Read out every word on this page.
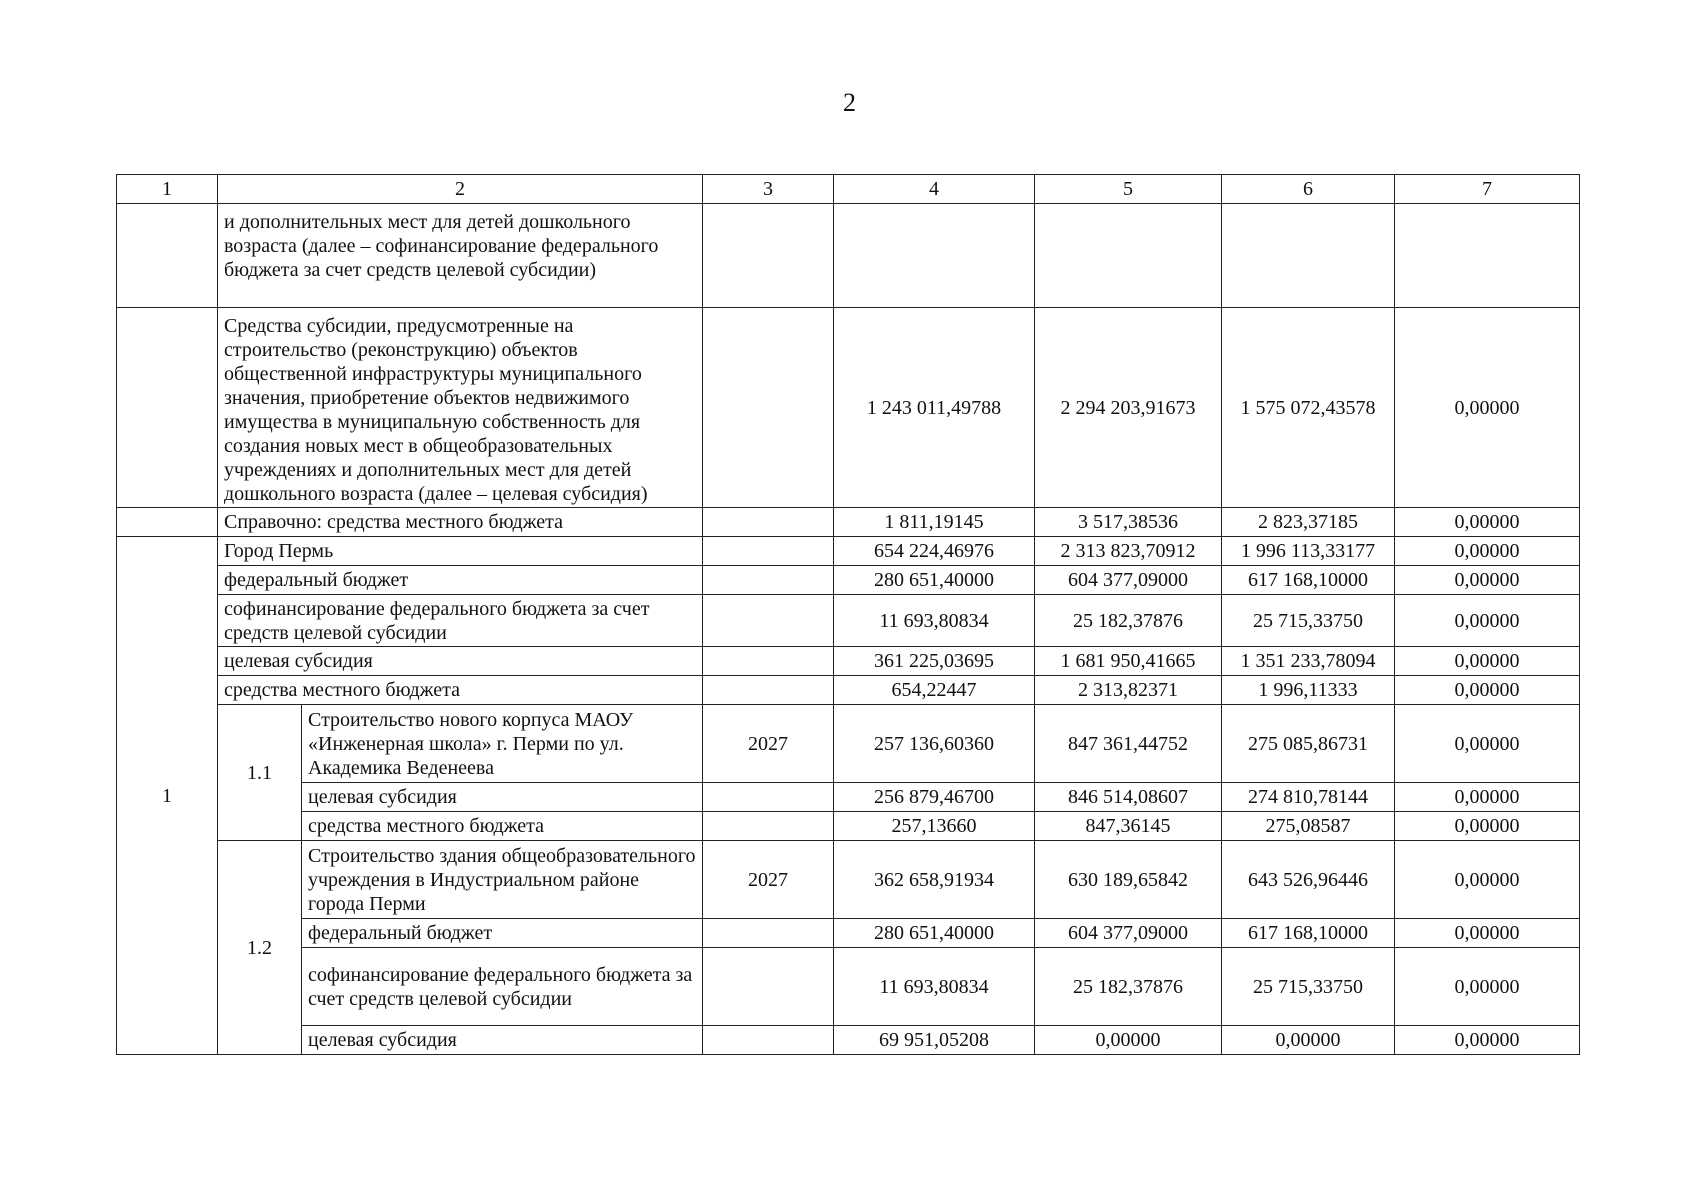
2
1	2		3	4	5	6	7
	и дополнительных мест для детей дошкольного возраста (далее – софинансирование федерального бюджета за счет средств целевой субсидии)						
	Средства субсидии, предусмотренные на строительство (реконструкцию) объектов общественной инфраструктуры муниципального значения, приобретение объектов недвижимого имущества в муниципальную собственность для создания новых мест в общеобразовательных учреждениях и дополнительных мест для детей дошкольного возраста (далее – целевая субсидия)			1 243 011,49788	2 294 203,91673	1 575 072,43578	0,00000
	Справочно: средства местного бюджета			1 811,19145	3 517,38536	2 823,37185	0,00000
1	Город Пермь			654 224,46976	2 313 823,70912	1 996 113,33177	0,00000
	федеральный бюджет			280 651,40000	604 377,09000	617 168,10000	0,00000
	софинансирование федерального бюджета за счет средств целевой субсидии			11 693,80834	25 182,37876	25 715,33750	0,00000
	целевая субсидия			361 225,03695	1 681 950,41665	1 351 233,78094	0,00000
	средства местного бюджета			654,22447	2 313,82371	1 996,11333	0,00000
	1.1	Строительство нового корпуса МАОУ «Инженерная школа» г. Перми по ул. Академика Веденеева	2027	257 136,60360	847 361,44752	275 085,86731	0,00000
		целевая субсидия		256 879,46700	846 514,08607	274 810,78144	0,00000
		средства местного бюджета		257,13660	847,36145	275,08587	0,00000
	1.2	Строительство здания общеобразовательного учреждения в Индустриальном районе города Перми	2027	362 658,91934	630 189,65842	643 526,96446	0,00000
		федеральный бюджет		280 651,40000	604 377,09000	617 168,10000	0,00000
		софинансирование федерального бюджета за счет средств целевой субсидии		11 693,80834	25 182,37876	25 715,33750	0,00000
		целевая субсидия		69 951,05208	0,00000	0,00000	0,00000
